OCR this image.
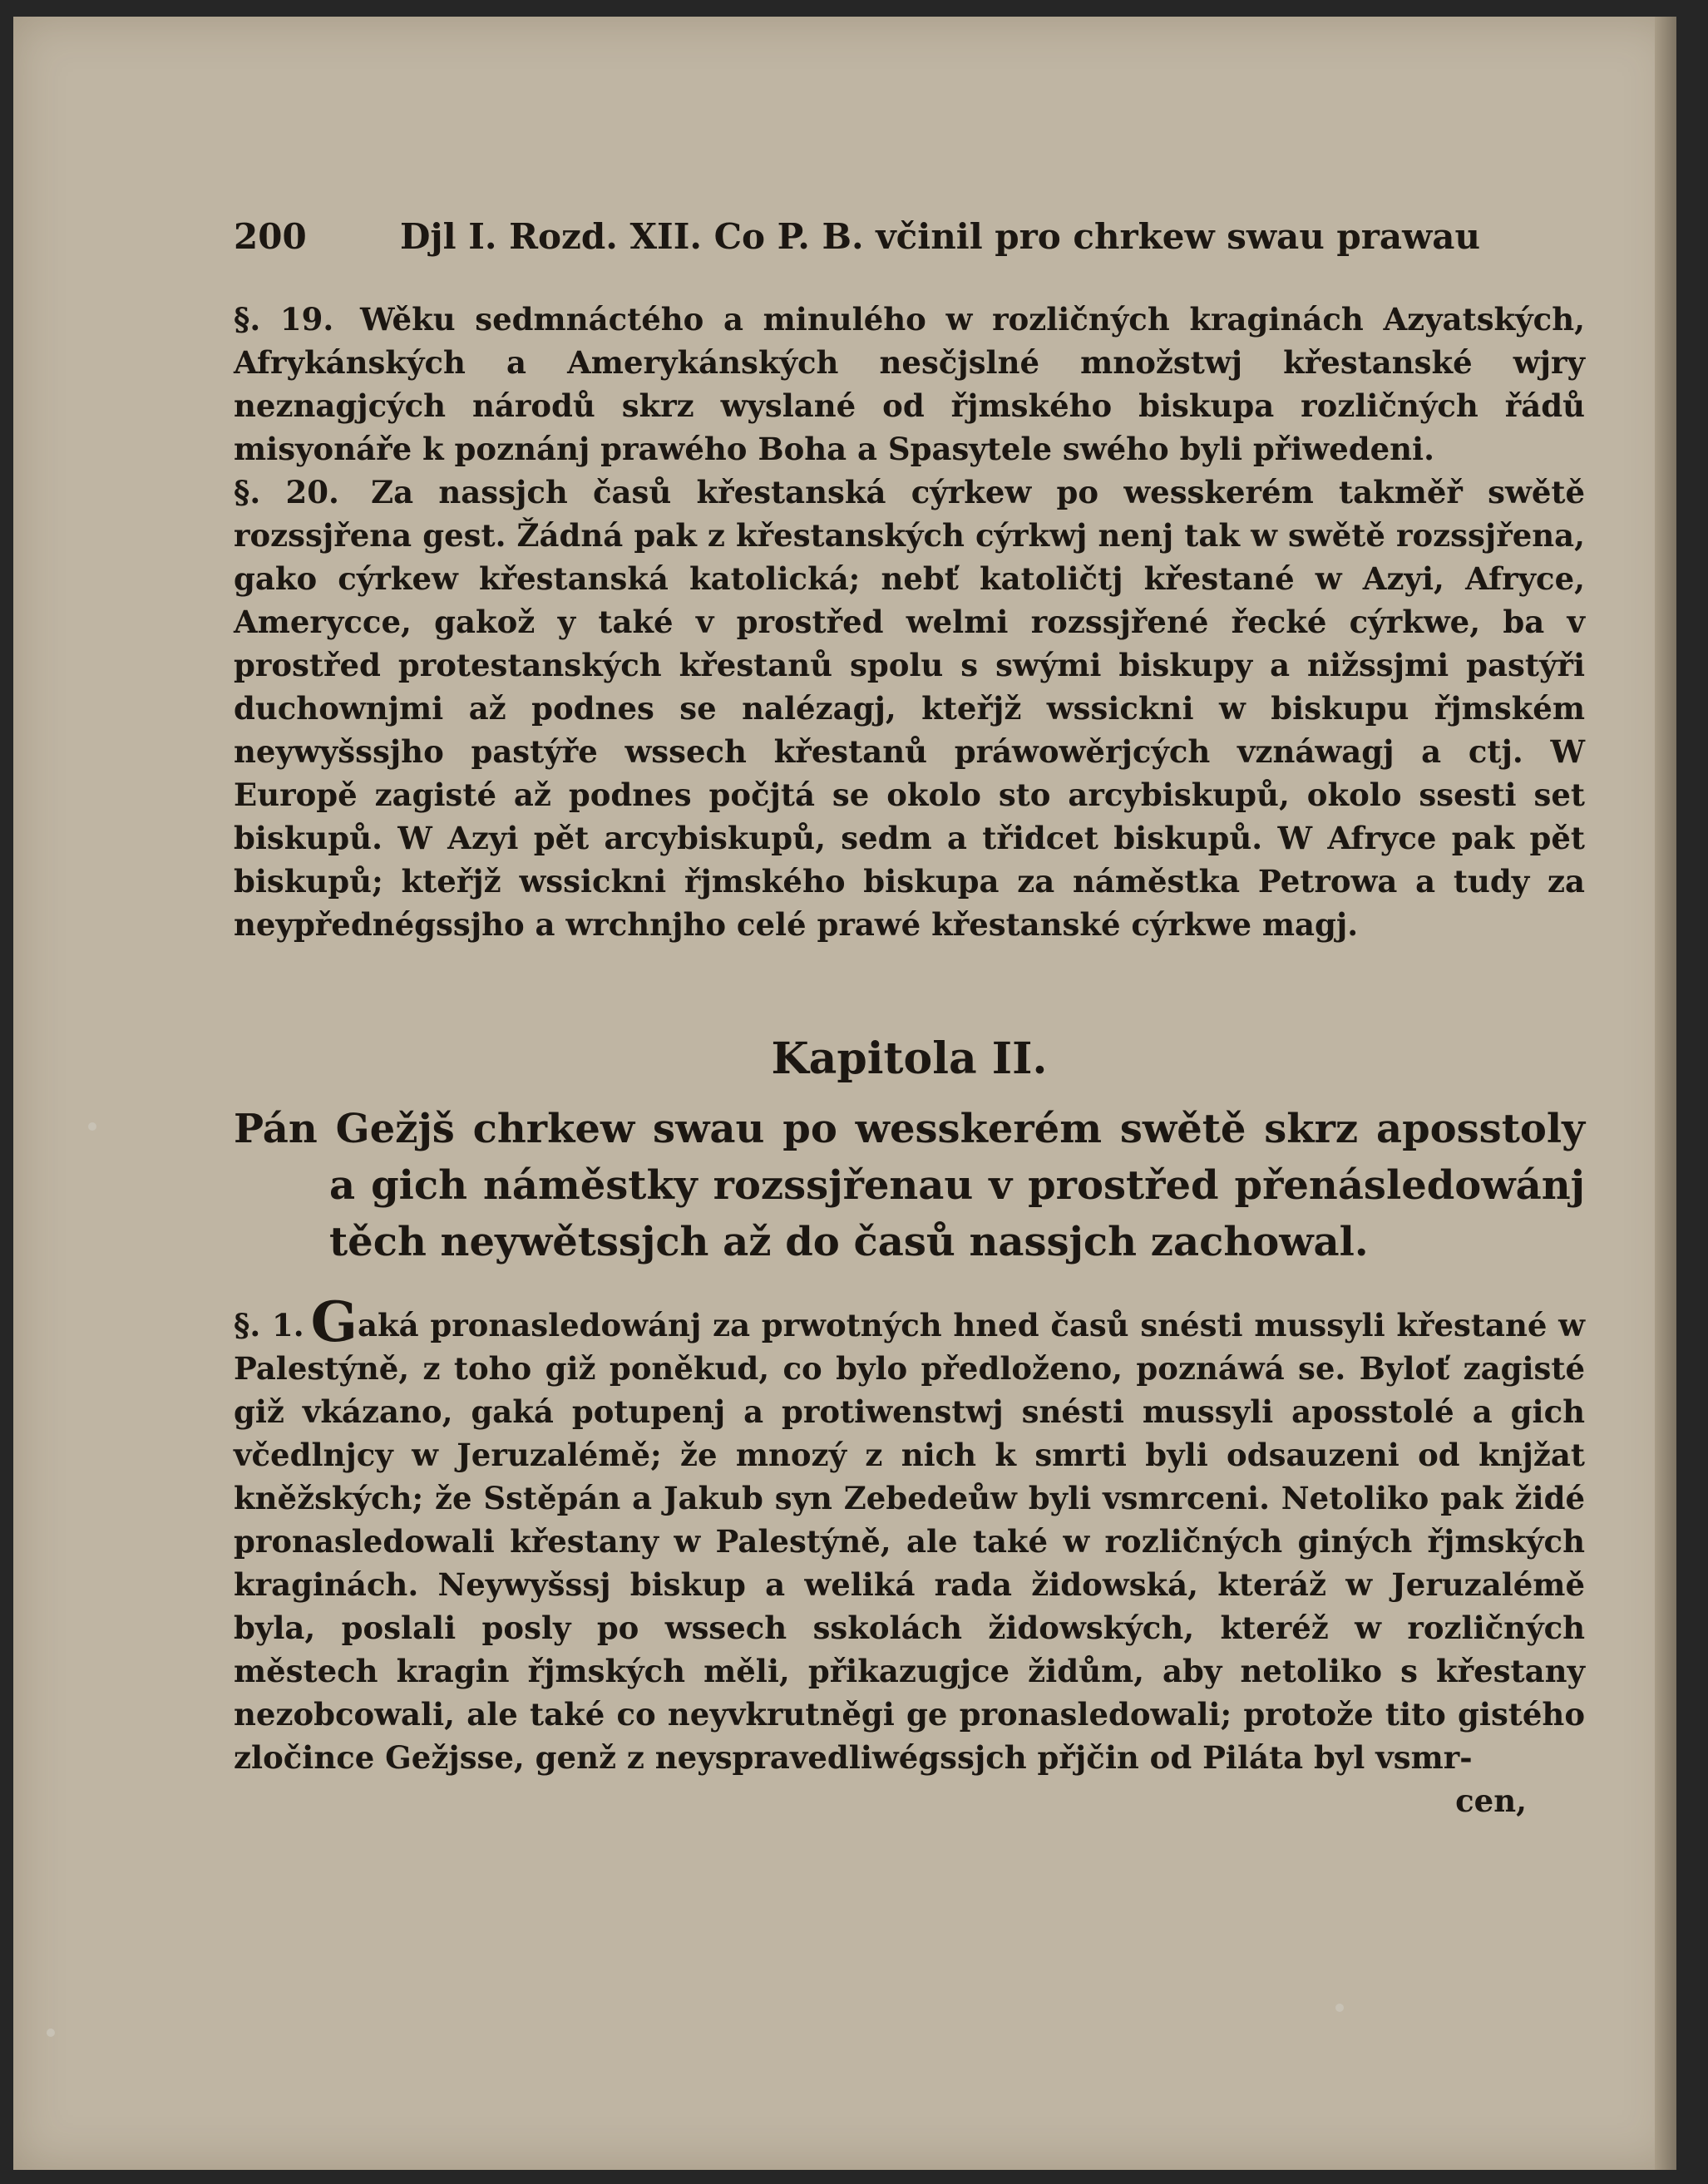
200	Djl I. Rozd. XII. Co P. B. včinil pro chrkew swau prawau

§. 19. Wěku sedmnáctého a minulého w rozličných kraginách Azyatských, Afrykánských a Amerykánských nesčjslné množstwj křestanské wjry neznagjcých národů skrz wyslané od řjmského biskupa rozličných řádů misyonáře k poznánj prawého Boha a Spasytele swého byli přiwedeni.

§. 20. Za nassjch časů křestanská cýrkew po wesskerém takměř swětě rozssjřena gest. Žádná pak z křestanských cýrkwj nenj tak w swětě rozssjřena, gako cýrkew křestanská katolická; nebť katoličtj křestané w Azyi, Afryce, Amerycce, gakož y také v prostřed welmi rozssjřené řecké cýrkwe, ba v prostřed protestanských křestanů spolu s swými biskupy a nižssjmi pastýři duchownjmi až podnes se nalézagj, kteřjž wssickni w biskupu řjmském neywyšssjho pastýře wssech křestanů práwowěrjcých vznáwagj a ctj. W Europě zagisté až podnes počjtá se okolo sto arcybiskupů, okolo ssesti set biskupů. W Azyi pět arcybiskupů, sedm a třidcet biskupů. W Afryce pak pět biskupů; kteřjž wssickni řjmského biskupa za náměstka Petrowa a tudy za neypřednégssjho a wrchnjho celé prawé křestanské cýrkwe magj.

Kapitola II.

Pán Gežjš chrkew swau po wesskerém swětě skrz aposstoly a gich náměstky rozssjřenau v prostřed přenásledowánj těch neywětssjch až do časů nassjch zachowal.

§. 1. Gaká pronasledowánj za prwotných hned časů snésti mussyli křestané w Palestýně, z toho giž poněkud, co bylo předloženo, poznáwá se. Byloť zagisté giž vkázano, gaká potupenj a protiwenstwj snésti mussyli aposstolé a gich včedlnjcy w Jeruzalémě; že mnozý z nich k smrti byli odsauzeni od knjžat kněžských; že Sstěpán a Jakub syn Zebedeůw byli vsmrceni. Netoliko pak židé pronasledowali křestany w Palestýně, ale také w rozličných giných řjmských kraginách. Neywyšssj biskup a weliká rada židowská, kteráž w Jeruzalémě byla, poslali posly po wssech sskolách židowských, kteréž w rozličných městech kragin řjmských měli, přikazugjce židům, aby netoliko s křestany nezobcowali, ale také co neyvkrutněgi ge pronasledowali; protože tito gistého zločince Gežjsse, genž z neyspravedliwégssjch přjčin od Piláta byl vsmr-

cen,
